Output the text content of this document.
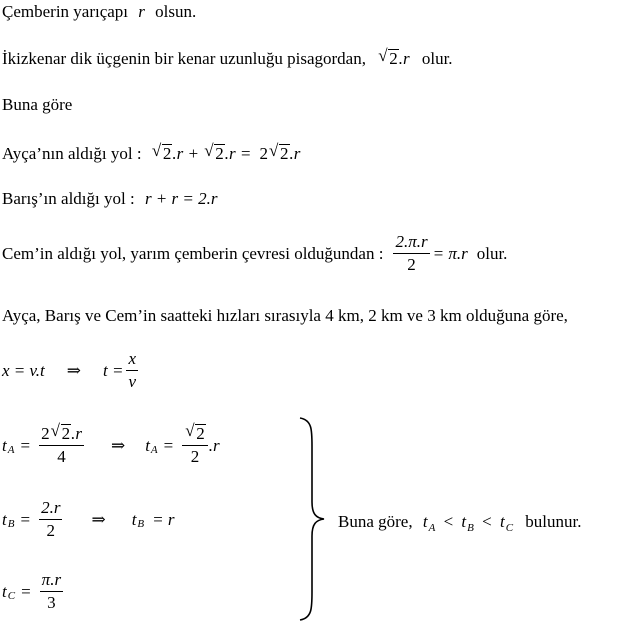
Çemberin yarıçapı r olsun.
İkizkenar dik üçgenin bir kenar uzunluğu pisagordan, √ 2.r olur.
Buna göre
Ayça’nın aldığı yol : √ 2.r + √ 2.r = 2 √ 2.r
Barış’ın aldığı yol : r + r = 2.r
Cem’in aldığı yol, yarım çemberin çevresi olduğundan : $\frac{2.\pi.r}{2} = \pi.r$ olur.
Ayça, Barış ve Cem’in saatteki hızları sırasıyla 4 km, 2 km ve 3 km olduğuna göre,
x = v.t ⇒ $t = \frac{x}{v}$
t $A = \frac{2 √ 2.r}{4}$ ⇒ t $A = \frac{√ 2}{2} .r$
t $B = \frac{2.r}{2}$ ⇒ t B = r
t $C = \frac{\pi.r}{3}$
Buna göre, $t_A < t_B < t_C$ bulunur.
